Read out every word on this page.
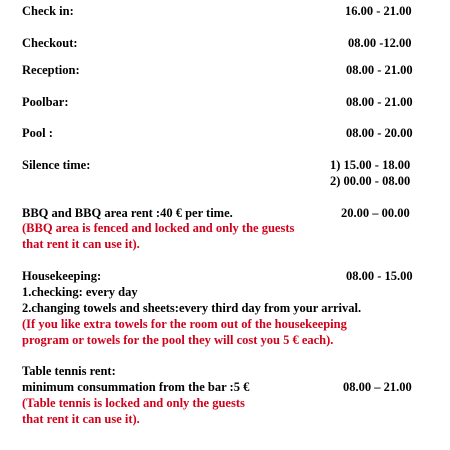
Check in:	16.00 - 21.00
Checkout:	08.00 -12.00
Reception:	08.00 - 21.00
Poolbar:	08.00 - 21.00
Pool :	08.00 - 20.00
Silence time:	1) 15.00 - 18.00
2) 00.00 - 08.00
BBQ and BBQ area rent :40 € per time.	20.00 – 00.00
(BBQ area is fenced and locked and only the guests
that rent it can use it).
Housekeeping:	08.00 - 15.00
1.checking: every day
2.changing towels and sheets:every third day from your arrival.
(If you like extra towels for the room out of the housekeeping
program or towels for the pool they will cost you 5 € each).
Table tennis rent:
minimum consummation from the bar :5 €	08.00 – 21.00
(Table tennis is locked and only the guests
that rent it can use it).
